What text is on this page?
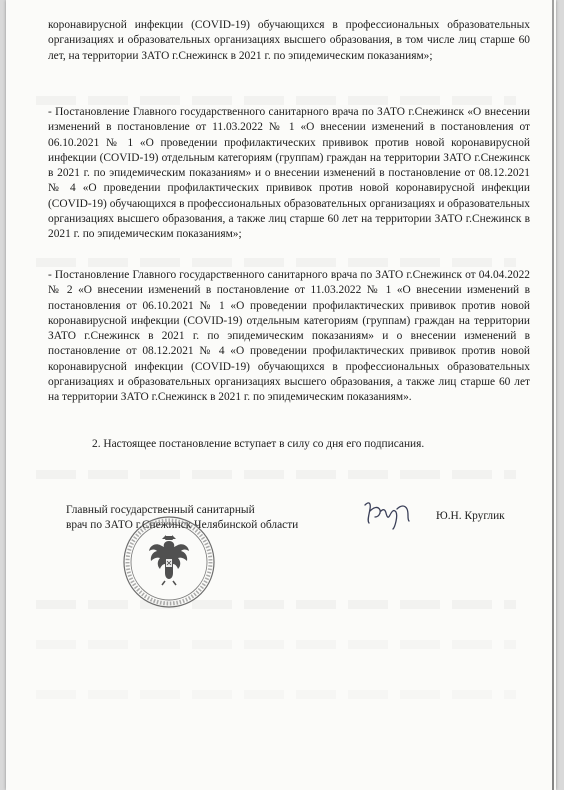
коронавирусной инфекции (COVID-19) обучающихся в профессиональных образовательных организациях и образовательных организациях высшего образования, в том числе лиц старше 60 лет, на территории ЗАТО г.Снежинск в 2021 г. по эпидемическим показаниям»;

- Постановление Главного государственного санитарного врача по ЗАТО г.Снежинск «О внесении изменений в постановление от 11.03.2022 № 1 «О внесении изменений в постановления от 06.10.2021 № 1 «О проведении профилактических прививок против новой коронавирусной инфекции (COVID-19) отдельным категориям (группам) граждан на территории ЗАТО г.Снежинск в 2021 г. по эпидемическим показаниям» и о внесении изменений в постановление от 08.12.2021 № 4 «О проведении профилактических прививок против новой коронавирусной инфекции (COVID-19) обучающихся в профессиональных образовательных организациях и образовательных организациях высшего образования, а также лиц старше 60 лет на территории ЗАТО г.Снежинск в 2021 г. по эпидемическим показаниям»;

- Постановление Главного государственного санитарного врача по ЗАТО г.Снежинск от 04.04.2022 № 2 «О внесении изменений в постановление от 11.03.2022 № 1 «О внесении изменений в постановления от 06.10.2021 № 1 «О проведении профилактических прививок против новой коронавирусной инфекции (COVID-19) отдельным категориям (группам) граждан на территории ЗАТО г.Снежинск в 2021 г. по эпидемическим показаниям» и о внесении изменений в постановление от 08.12.2021 № 4 «О проведении профилактических прививок против новой коронавирусной инфекции (COVID-19) обучающихся в профессиональных образовательных организациях и образовательных организациях высшего образования, а также лиц старше 60 лет на территории ЗАТО г.Снежинск в 2021 г. по эпидемическим показаниям».

2. Настоящее постановление вступает в силу со дня его подписания.

Главный государственный санитарный
врач по ЗАТО г.Снежинск Челябинской области
Ю.Н. Круглик
